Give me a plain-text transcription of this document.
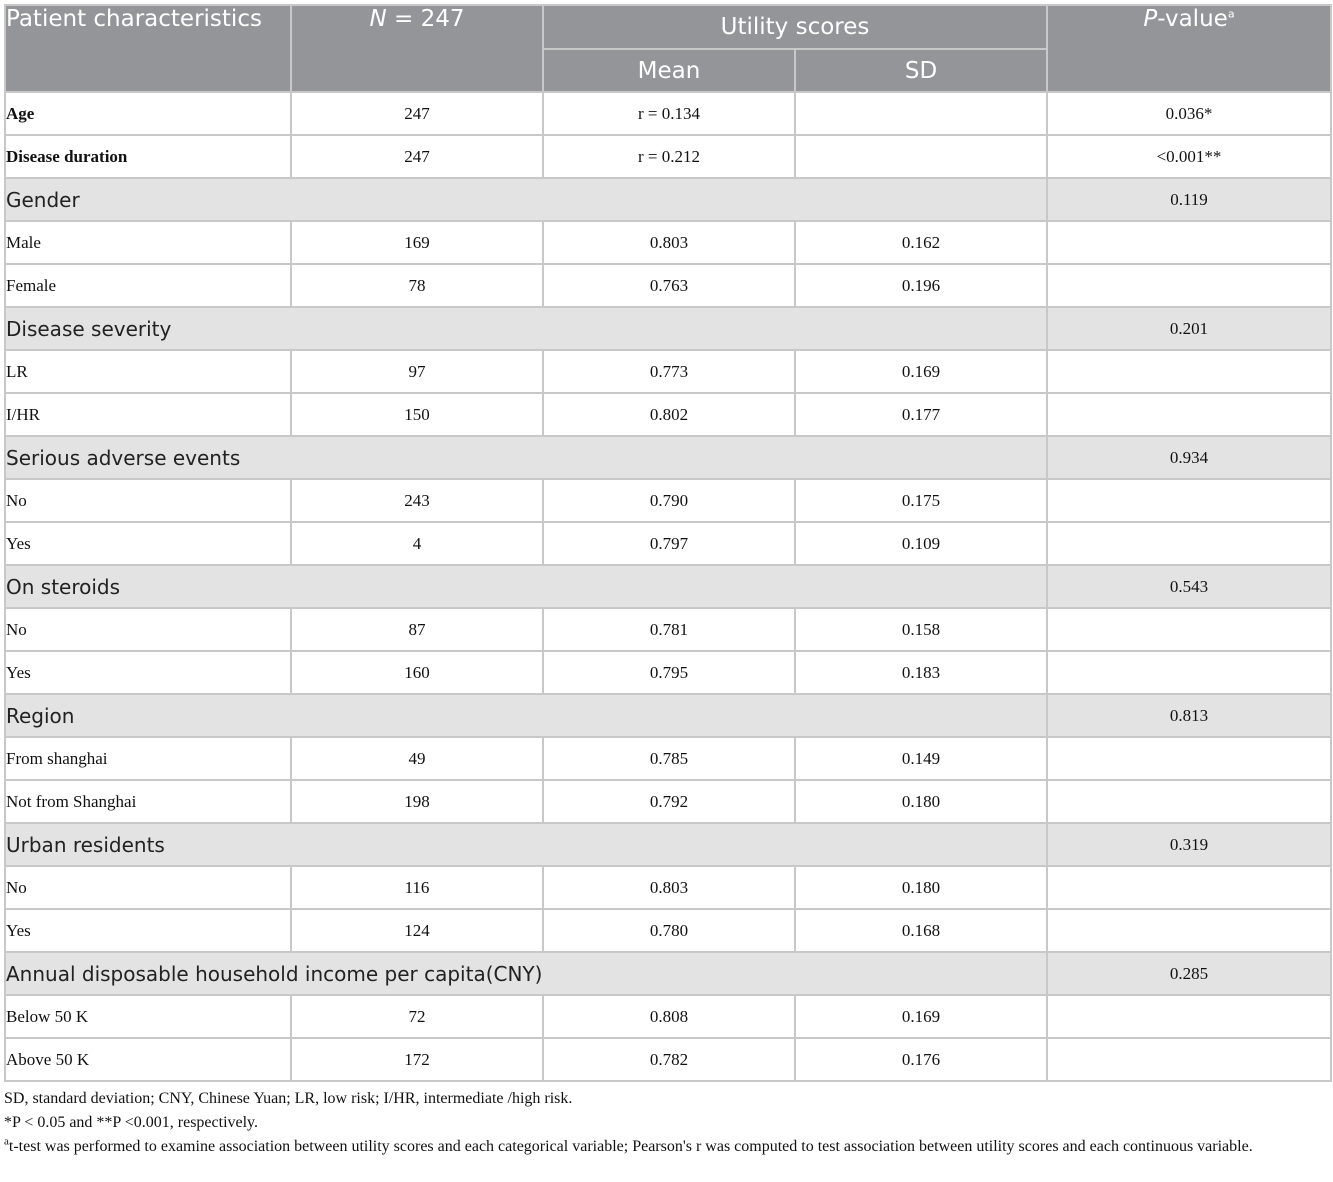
Patient characteristics	N = 247	Utility scores		P-value$^a$
		Mean	SD	
Age	247	r = 0.134		0.036*
Disease duration	247	r = 0.212		<0.001**
Gender				0.119
Male	169	0.803	0.162	
Female	78	0.763	0.196	
Disease severity				0.201
LR	97	0.773	0.169	
I/HR	150	0.802	0.177	
Serious adverse events				0.934
No	243	0.790	0.175	
Yes	4	0.797	0.109	
On steroids				0.543
No	87	0.781	0.158	
Yes	160	0.795	0.183	
Region				0.813
From shanghai	49	0.785	0.149	
Not from Shanghai	198	0.792	0.180	
Urban residents				0.319
No	116	0.803	0.180	
Yes	124	0.780	0.168	
Annual disposable household income per capita(CNY)				0.285
Below 50 K	72	0.808	0.169	
Above 50 K	172	0.782	0.176	

SD, standard deviation; CNY, Chinese Yuan; LR, low risk; I/HR, intermediate /high risk.

*P < 0.05 and **P <0.001, respectively.

$^a$t-test was performed to examine association between utility scores and each categorical variable; Pearson's r was computed to test association between utility scores and each continuous variable.
